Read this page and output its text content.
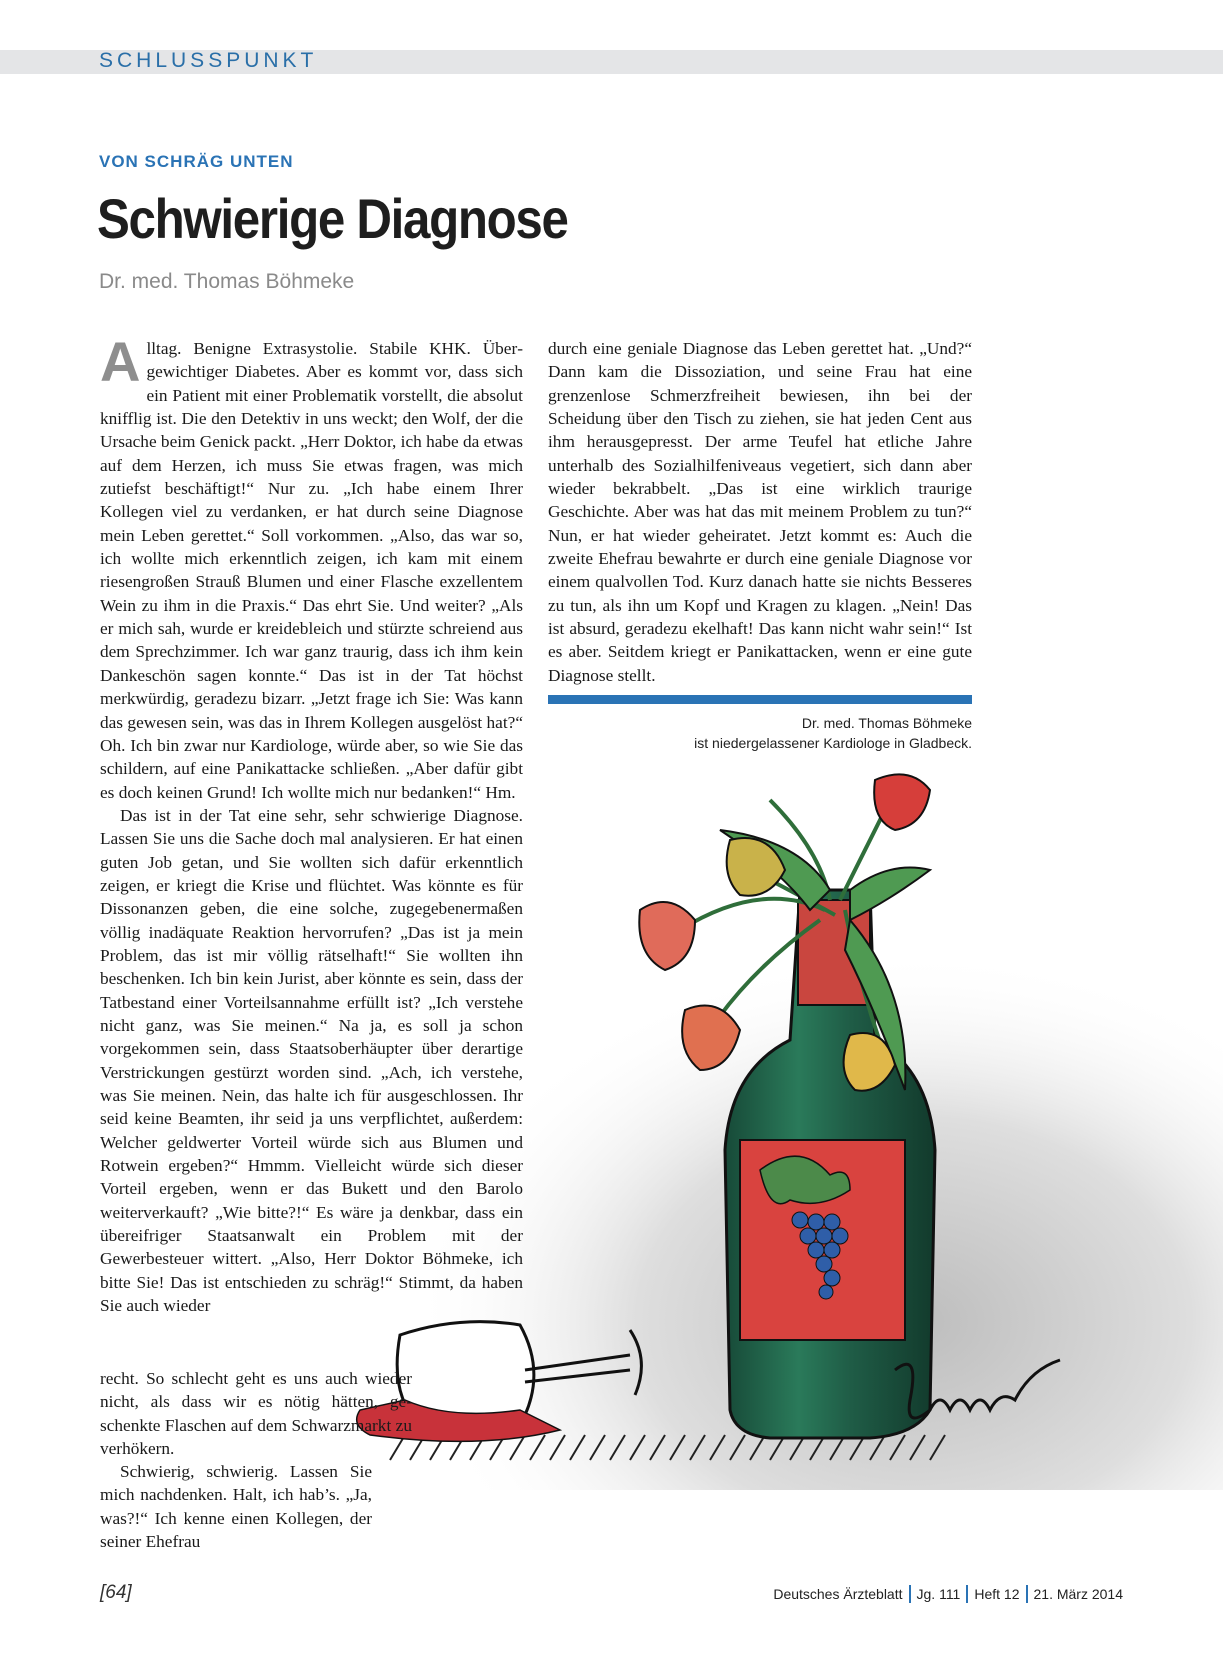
SCHLUSSPUNKT
VON SCHRÄG UNTEN
Schwierige Diagnose
Dr. med. Thomas Böhmeke

Alltag. Benigne Extrasystolie. Stabile KHK. Übergewichtiger Diabetes. Aber es kommt vor, dass sich ein Patient mit einer Problematik vorstellt, die absolut knifflig ist. Die den Detektiv in uns weckt; den Wolf, der die Ursache beim Genick packt. „Herr Doktor, ich habe da etwas auf dem Herzen, ich muss Sie etwas fragen, was mich zutiefst beschäftigt!“ Nur zu. „Ich habe einem Ihrer Kollegen viel zu verdanken, er hat durch seine Diagnose mein Leben gerettet.“ Soll vorkommen. „Also, das war so, ich wollte mich erkenntlich zeigen, ich kam mit einem riesengroßen Strauß Blumen und einer Flasche exzellentem Wein zu ihm in die Praxis.“ Das ehrt Sie. Und weiter? „Als er mich sah, wurde er kreidebleich und stürzte schreiend aus dem Sprechzimmer. Ich war ganz traurig, dass ich ihm kein Dankeschön sagen konnte.“ Das ist in der Tat höchst merkwürdig, geradezu bizarr. „Jetzt frage ich Sie: Was kann das gewesen sein, was das in Ihrem Kollegen ausgelöst hat?“ Oh. Ich bin zwar nur Kardiologe, würde aber, so wie Sie das schildern, auf eine Panikattacke schließen. „Aber dafür gibt es doch keinen Grund! Ich wollte mich nur bedanken!“ Hm.

Das ist in der Tat eine sehr, sehr schwierige Diagnose. Lassen Sie uns die Sache doch mal analysieren. Er hat einen guten Job getan, und Sie wollten sich dafür erkenntlich zeigen, er kriegt die Krise und flüchtet. Was könnte es für Dissonanzen geben, die eine solche, zugegebenermaßen völlig inadäquate Reaktion hervorrufen? „Das ist ja mein Problem, das ist mir völlig rätselhaft!“ Sie wollten ihn beschenken. Ich bin kein Jurist, aber könnte es sein, dass der Tatbestand einer Vorteilsannahme erfüllt ist? „Ich verstehe nicht ganz, was Sie meinen.“ Na ja, es soll ja schon vorgekommen sein, dass Staatsoberhäupter über derartige Verstrickungen gestürzt worden sind. „Ach, ich verstehe, was Sie meinen. Nein, das halte ich für ausgeschlossen. Ihr seid keine Beamten, ihr seid ja uns verpflichtet, außerdem: Welcher geldwerter Vorteil würde sich aus Blumen und Rotwein ergeben?“ Hmmm. Vielleicht würde sich dieser Vorteil ergeben, wenn er das Bukett und den Barolo weiterverkauft? „Wie bitte?!“ Es wäre ja denkbar, dass ein übereifriger Staatsanwalt ein Problem mit der Gewerbesteuer wittert. „Also, Herr Doktor Böhmeke, ich bitte Sie! Das ist entschieden zu schräg!“ Stimmt, da haben Sie auch wieder

recht. So schlecht geht es uns auch wieder nicht, als dass wir es nötig hätten, geschenkte Flaschen auf dem Schwarzmarkt zu verhökern.

Schwierig, schwierig. Lassen Sie mich nachdenken. Halt, ich hab’s. „Ja, was?!“ Ich kenne einen Kollegen, der seiner Ehefrau

durch eine geniale Diagnose das Leben gerettet hat. „Und?“ Dann kam die Dissoziation, und seine Frau hat eine grenzenlose Schmerzfreiheit bewiesen, ihn bei der Scheidung über den Tisch zu ziehen, sie hat jeden Cent aus ihm herausgepresst. Der arme Teufel hat etliche Jahre unterhalb des Sozialhilfeniveaus vegetiert, sich dann aber wieder bekrabbelt. „Das ist eine wirklich traurige Geschichte. Aber was hat das mit meinem Problem zu tun?“ Nun, er hat wieder geheiratet. Jetzt kommt es: Auch die zweite Ehefrau bewahrte er durch eine geniale Diagnose vor einem qualvollen Tod. Kurz danach hatte sie nichts Besseres zu tun, als ihn um Kopf und Kragen zu klagen. „Nein! Das ist absurd, geradezu ekelhaft! Das kann nicht wahr sein!“ Ist es aber. Seitdem kriegt er Panikattacken, wenn er eine gute Diagnose stellt.

Dr. med. Thomas Böhmeke
ist niedergelassener Kardiologe in Gladbeck.
[64]	Deutsches Ärzteblatt Jg. 111 Heft 12 21. März 2014
